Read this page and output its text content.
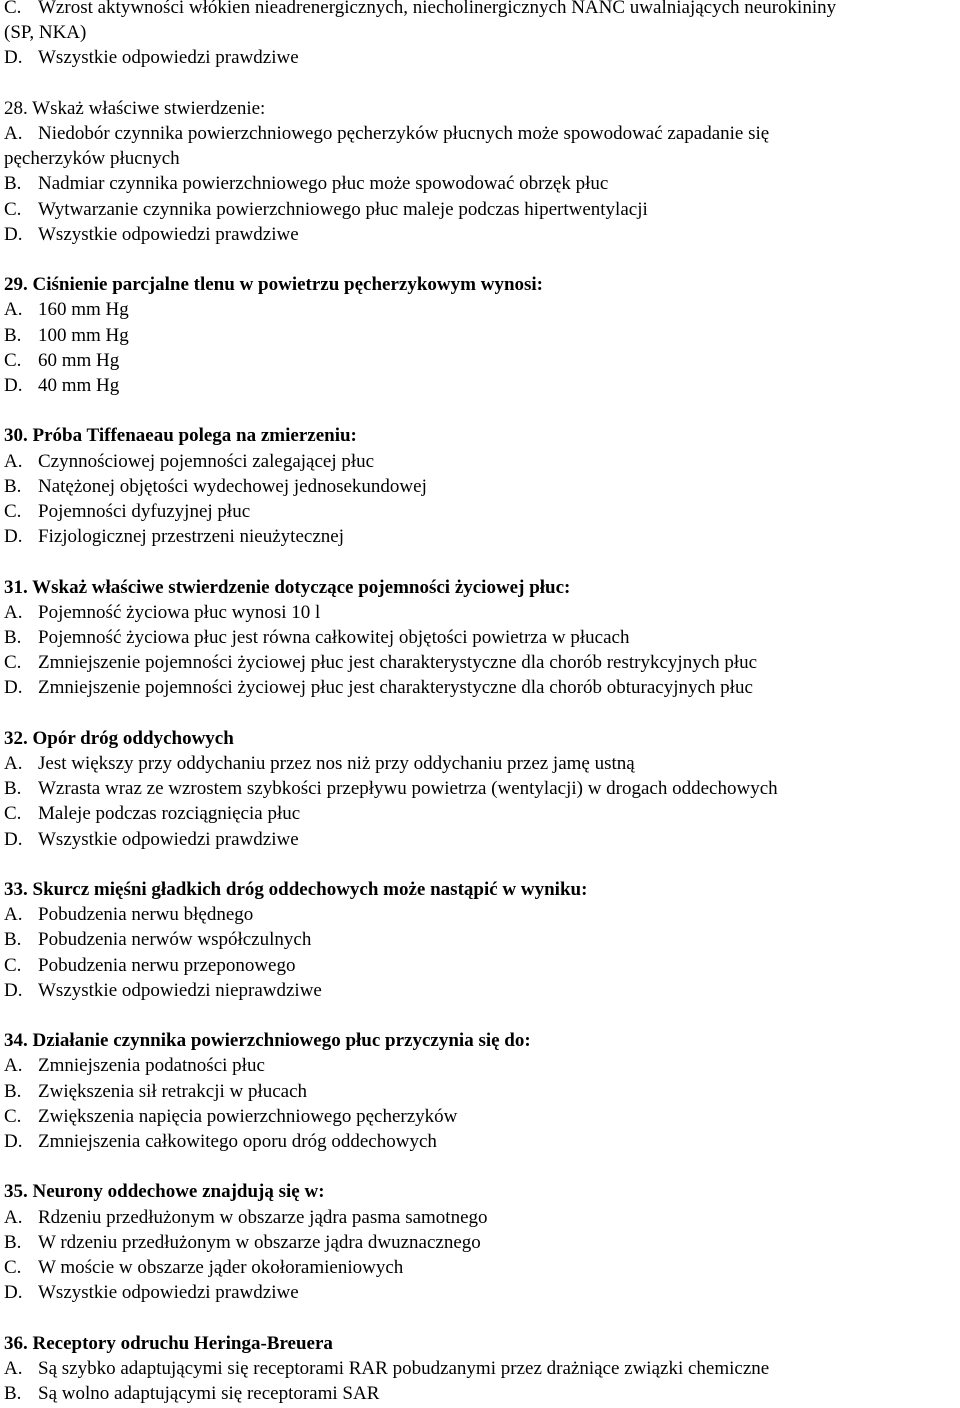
C. Wzrost aktywności włókien nieadrenergicznych, niecholinergicznych NANC uwalniających neurokininy
(SP, NKA)

D. Wszystkie odpowiedzi prawdziwe

28. Wskaż właściwe stwierdzenie:

A. Niedobór czynnika powierzchniowego pęcherzyków płucnych może spowodować zapadanie się
pęcherzyków płucnych

B. Nadmiar czynnika powierzchniowego płuc może spowodować obrzęk płuc

C. Wytwarzanie czynnika powierzchniowego płuc maleje podczas hipertwentylacji

D. Wszystkie odpowiedzi prawdziwe

29. Ciśnienie parcjalne tlenu w powietrzu pęcherzykowym wynosi:

A. 160 mm Hg

B. 100 mm Hg

C. 60 mm Hg

D. 40 mm Hg

30. Próba Tiffenaeau polega na zmierzeniu:

A. Czynnościowej pojemności zalegającej płuc

B. Natężonej objętości wydechowej jednosekundowej

C. Pojemności dyfuzyjnej płuc

D. Fizjologicznej przestrzeni nieużytecznej

31. Wskaż właściwe stwierdzenie dotyczące pojemności życiowej płuc:

A. Pojemność życiowa płuc wynosi 10 l

B. Pojemność życiowa płuc jest równa całkowitej objętości powietrza w płucach

C. Zmniejszenie pojemności życiowej płuc jest charakterystyczne dla chorób restrykcyjnych płuc

D. Zmniejszenie pojemności życiowej płuc jest charakterystyczne dla chorób obturacyjnych płuc

32. Opór dróg oddychowych

A. Jest większy przy oddychaniu przez nos niż przy oddychaniu przez jamę ustną

B. Wzrasta wraz ze wzrostem szybkości przepływu powietrza (wentylacji) w drogach oddechowych

C. Maleje podczas rozciągnięcia płuc

D. Wszystkie odpowiedzi prawdziwe

33. Skurcz mięśni gładkich dróg oddechowych może nastąpić w wyniku:

A. Pobudzenia nerwu błędnego

B. Pobudzenia nerwów współczulnych

C. Pobudzenia nerwu przeponowego

D. Wszystkie odpowiedzi nieprawdziwe

34. Działanie czynnika powierzchniowego płuc przyczynia się do:

A. Zmniejszenia podatności płuc

B. Zwiększenia sił retrakcji w płucach

C. Zwiększenia napięcia powierzchniowego pęcherzyków

D. Zmniejszenia całkowitego oporu dróg oddechowych

35. Neurony oddechowe znajdują się w:

A. Rdzeniu przedłużonym w obszarze jądra pasma samotnego

B. W rdzeniu przedłużonym w obszarze jądra dwuznacznego

C. W moście w obszarze jąder okołoramieniowych

D. Wszystkie odpowiedzi prawdziwe

36. Receptory odruchu Heringa-Breuera

A. Są szybko adaptującymi się receptorami RAR pobudzanymi przez drażniące związki chemiczne

B. Są wolno adaptującymi się receptorami SAR
